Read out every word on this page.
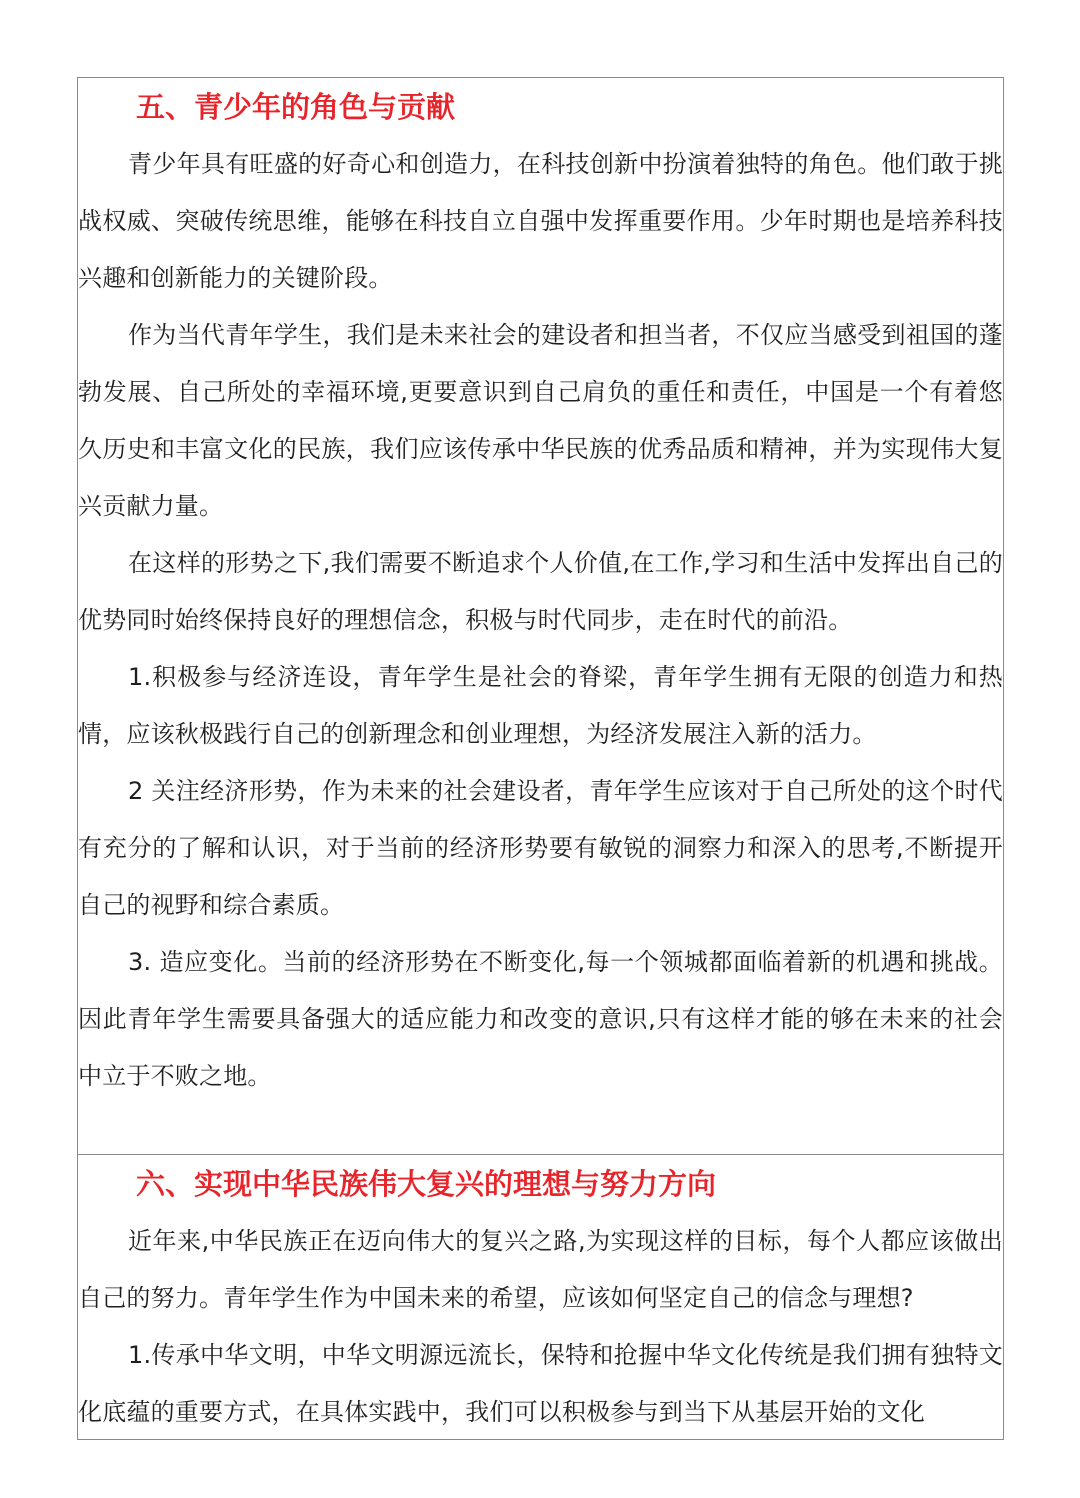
五、青少年的角色与贡献

青少年具有旺盛的好奇心和创造力，在科技创新中扮演着独特的角色。他们敢于挑战权威、突破传统思维，能够在科技自立自强中发挥重要作用。少年时期也是培养科技兴趣和创新能力的关键阶段。

作为当代青年学生，我们是未来社会的建设者和担当者，不仅应当感受到祖国的蓬勃发展、自己所处的幸福环境,更要意识到自己肩负的重任和责任，中国是一个有着悠久历史和丰富文化的民族，我们应该传承中华民族的优秀品质和精神，并为实现伟大复兴贡献力量。

在这样的形势之下,我们需要不断追求个人价值,在工作,学习和生活中发挥出自己的优势同时始终保持良好的理想信念，积极与时代同步，走在时代的前沿。

1.积极参与经济连设，青年学生是社会的脊梁，青年学生拥有无限的创造力和热情，应该秋极践行自己的创新理念和创业理想，为经济发展注入新的活力。

2 关注经济形势，作为未来的社会建设者，青年学生应该对于自己所处的这个时代有充分的了解和认识，对于当前的经济形势要有敏锐的洞察力和深入的思考,不断提开自己的视野和综合素质。

3. 造应变化。当前的经济形势在不断变化,每一个领城都面临着新的机遇和挑战。因此青年学生需要具备强大的适应能力和改变的意识,只有这样才能的够在未来的社会中立于不败之地。

六、实现中华民族伟大复兴的理想与努力方向

近年来,中华民族正在迈向伟大的复兴之路,为实现这样的目标，每个人都应该做出自己的努力。青年学生作为中国未来的希望，应该如何坚定自己的信念与理想?

1.传承中华文明，中华文明源远流长，保特和抢握中华文化传统是我们拥有独特文化底蕴的重要方式，在具体实践中，我们可以积极参与到当下从基层开始的文化
